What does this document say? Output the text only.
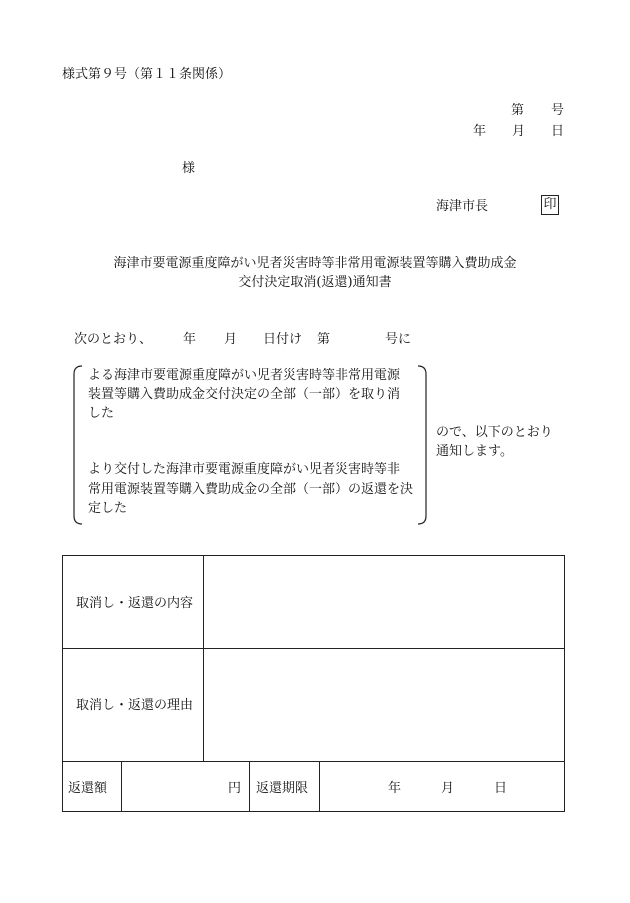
様式第９号（第１１条関係）
第 号
年 月 日
様
海津市長	印
海津市要電源重度障がい児者災害時等非常用電源装置等購入費助成金
交付決定取消(返還)通知書
次のとおり、 年 月 日付け 第	号に
よる海津市要電源重度障がい児者災害時等非常用電源
装置等購入費助成金交付決定の全部（一部）を取り消
した
より交付した海津市要電源重度障がい児者災害時等非
常用電源装置等購入費助成金の全部（一部）の返還を決
定した
ので、以下のとおり
通知します。
取消し・返還の内容
取消し・返還の理由
返還額	円 返還期限	年	月	日
